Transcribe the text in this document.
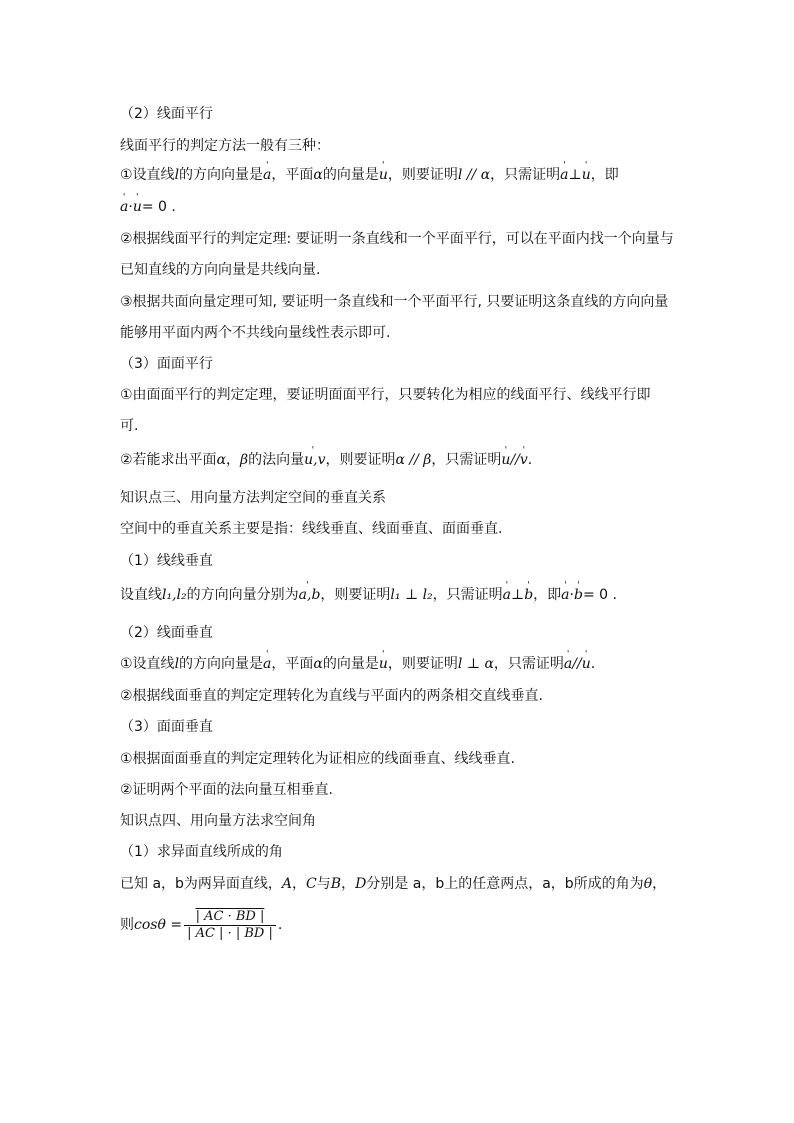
（2）线面平行
线面平行的判定方法一般有三种：
①设直线l的方向向量是' a，平面α的向量是' u，则要证明l // α，只需证明' a⊥' u，即
' a·' u= 0 .
②根据线面平行的判定定理: 要证明一条直线和一个平面平行，可以在平面内找一个向量与
已知直线的方向向量是共线向量.
③根据共面向量定理可知, 要证明一条直线和一个平面平行, 只要证明这条直线的方向向量
能够用平面内两个不共线向量线性表示即可.
（3）面面平行
①由面面平行的判定定理，要证明面面平行，只要转化为相应的线面平行、线线平行即
可.
②若能求出平面α，β的法向量' u,v，则要证明α // β，只需证明' u//' v.
知识点三、用向量方法判定空间的垂直关系
空间中的垂直关系主要是指：线线垂直、线面垂直、面面垂直.
（1）线线垂直
设直线l₁,l₂的方向向量分别为' a,b，则要证明l₁ ⊥ l₂，只需证明' a⊥' b，即' a·' b= 0 .
（2）线面垂直
①设直线l的方向向量是' a，平面α的向量是' u，则要证明l ⊥ α，只需证明' a//' u.
②根据线面垂直的判定定理转化为直线与平面内的两条相交直线垂直.
（3）面面垂直
①根据面面垂直的判定定理转化为证相应的线面垂直、线线垂直.
②证明两个平面的法向量互相垂直.
知识点四、用向量方法求空间角
（1）求异面直线所成的角
已知 a，b为两异面直线，A，C与B，D分别是 a，b上的任意两点，a，b所成的角为θ，
则$\cos\theta = \frac{| AC \cdot BD |}{| AC | \cdot | BD |}$ .
